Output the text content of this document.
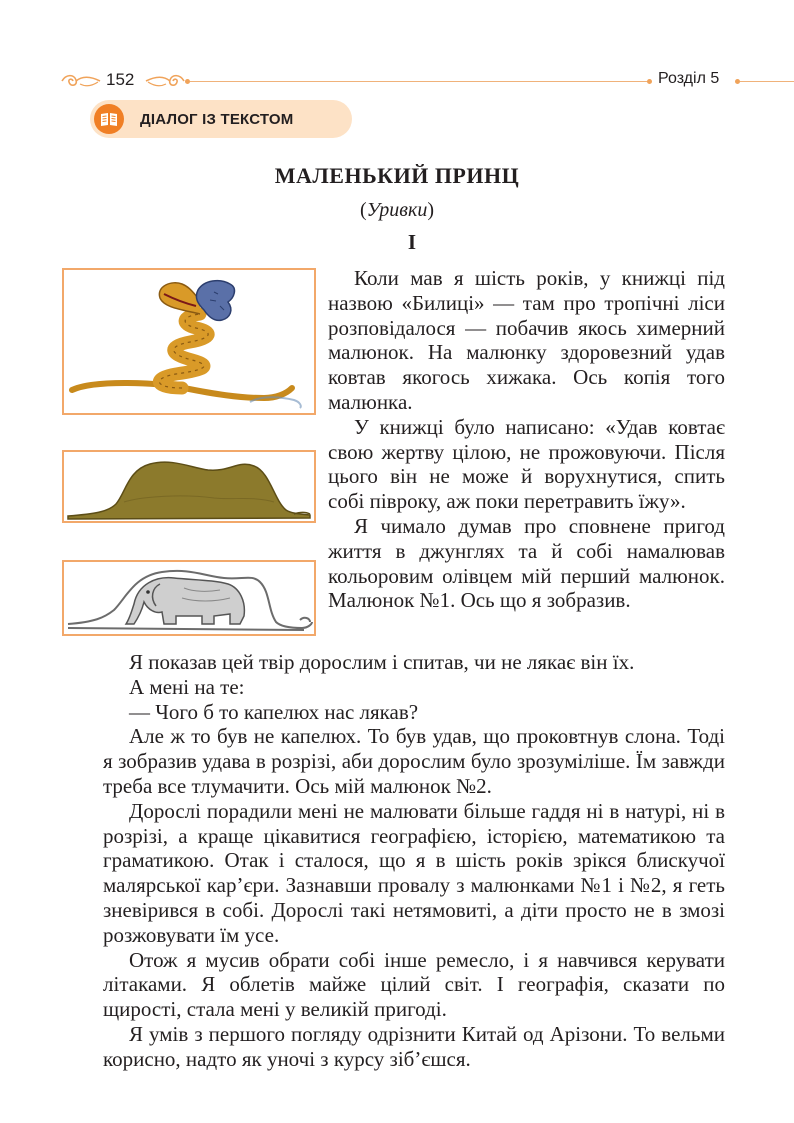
152	Розділ 5
ДІАЛОГ ІЗ ТЕКСТОМ
МАЛЕНЬКИЙ ПРИНЦ
(Уривки)
I

Коли мав я шість років, у книжці під назвою «Билиці» — там про тропічні ліси розповідалося — побачив якось химерний малюнок. На малюнку здоровезний удав ковтав якогось хижака. Ось копія того малюнка.

У книжці було написано: «Удав ковтає свою жертву цілою, не прожовуючи. Після цього він не може й ворухнутися, спить собі півроку, аж поки перетравить їжу».

Я чимало думав про сповнене пригод життя в джунглях та й собі намалював кольоровим олівцем мій перший малюнок. Малюнок №1. Ось що я зобразив.

Я показав цей твір дорослим і спитав, чи не лякає він їх.

А мені на те:

— Чого б то капелюх нас лякав?

Але ж то був не капелюх. То був удав, що проковтнув слона. Тоді я зобразив удава в розрізі, аби дорослим було зрозуміліше. Їм завжди треба все тлумачити. Ось мій малюнок №2.

Дорослі порадили мені не малювати більше гаддя ні в натурі, ні в розрізі, а краще цікавитися географією, історією, математикою та граматикою. Отак і сталося, що я в шість років зрікся блискучої малярської кар’єри. Зазнавши провалу з малюнками №1 і №2, я геть зневірився в собі. Дорослі такі нетямовиті, а діти просто не в змозі розжовувати їм усе.

Отож я мусив обрати собі інше ремесло, і я навчився керувати літаками. Я облетів майже цілий світ. І географія, сказати по щирості, стала мені у великій пригоді.

Я умів з першого погляду одрізнити Китай од Арізони. То вельми корисно, надто як уночі з курсу зіб’єшся.
